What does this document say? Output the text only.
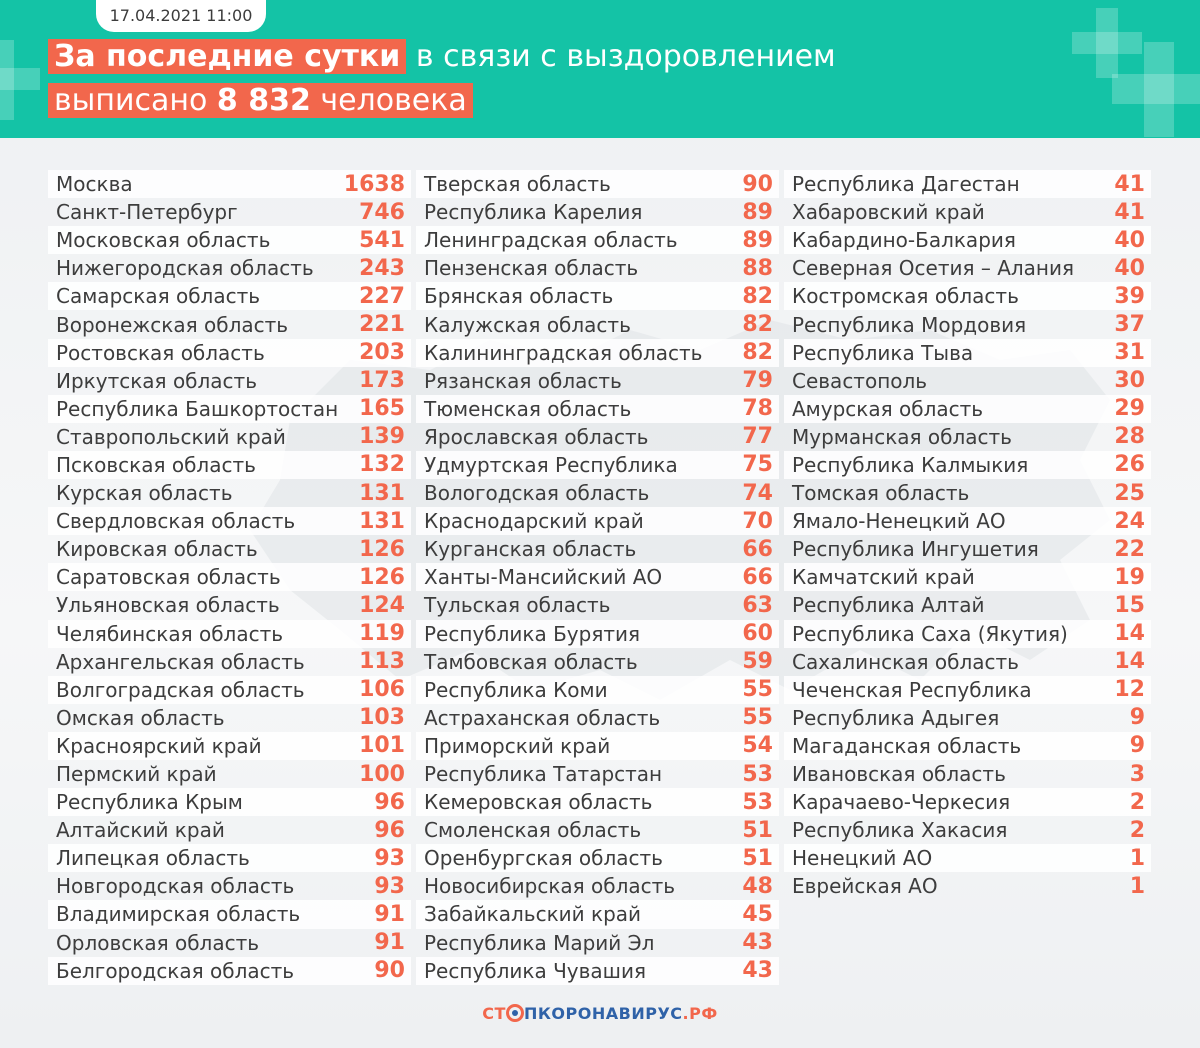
17.04.2021 11:00
За последние сутки в связи с выздоровлением
выписано 8 832 человека
Москва	1638
Санкт-Петербург	746
Московская область	541
Нижегородская область 243
Самарская область	227
Воронежская область	221
Ростовская область	203
Иркутская область	173
Республика Башкортостан 165
Ставропольский край	139
Псковская область	132
Курская область	131
Свердловская область	131
Кировская область	126
Саратовская область	126
Ульяновская область	124
Челябинская область	119
Архангельская область 113
Волгоградская область 106
Омская область	103
Красноярский край	101
Пермский край	100
Республика Крым	96
Алтайский край	96
Липецкая область	93
Новгородская область	93
Владимирская область	91
Орловская область	91
Белгородская область	90
Тверская область	90
Республика Карелия	89
Ленинградская область	89
Пензенская область	88
Брянская область	82
Калужская область	82
Калининградская область 82
Рязанская область	79
Тюменская область	78
Ярославская область	77
Удмуртская Республика	75
Вологодская область	74
Краснодарский край	70
Курганская область	66
Ханты-Мансийский АО	66
Тульская область	63
Республика Бурятия	60
Тамбовская область	59
Республика Коми	55
Астраханская область	55
Приморский край	54
Республика Татарстан	53
Кемеровская область	53
Смоленская область	51
Оренбургская область	51
Новосибирская область	48
Забайкальский край	45
Республика Марий Эл	43
Республика Чувашия	43
Республика Дагестан	41
Хабаровский край	41
Кабардино-Балкария	40
Северная Осетия – Алания 40
Костромская область	39
Республика Мордовия	37
Республика Тыва	31
Севастополь	30
Амурская область	29
Мурманская область	28
Республика Калмыкия	26
Томская область	25
Ямало-Ненецкий АО	24
Республика Ингушетия	22
Камчатский край	19
Республика Алтай	15
Республика Саха (Якутия) 14
Сахалинская область	14
Чеченская Республика	12
Республика Адыгея	9
Магаданская область	9
Ивановская область	3
Карачаево-Черкесия	2
Республика Хакасия	2
Ненецкий АО	1
Еврейская АО	1
СТ ПКОРОНАВИРУС.РФ
